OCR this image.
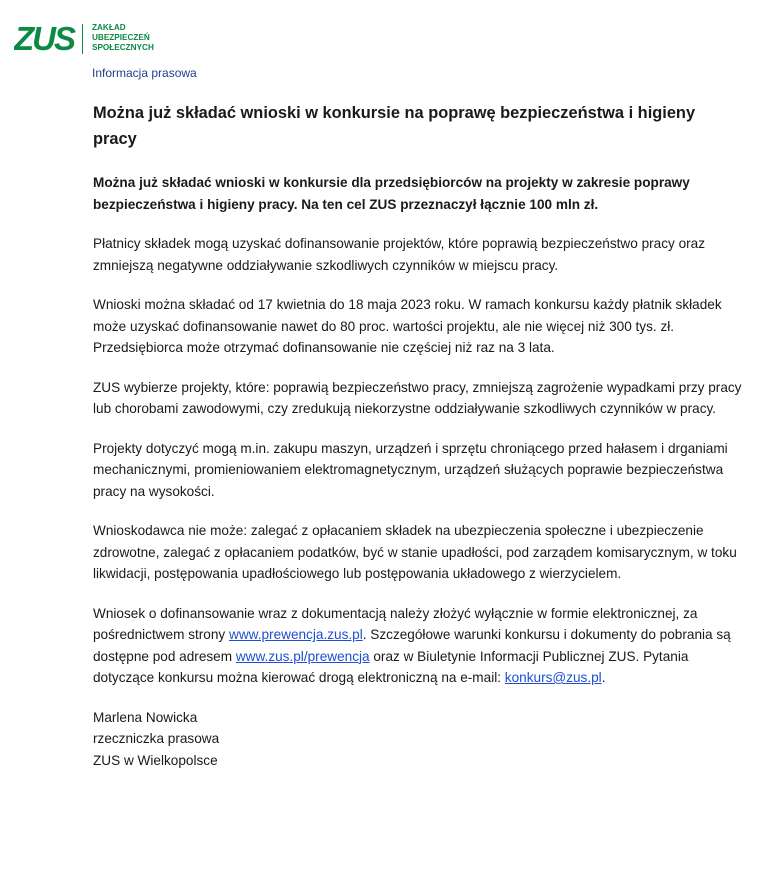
ZUS ZAKŁAD
UBEZPIECZEŃ
SPOŁECZNYCH
Informacja prasowa
Można już składać wnioski w konkursie na poprawę bezpieczeństwa i higieny pracy

Można już składać wnioski w konkursie dla przedsiębiorców na projekty w zakresie poprawy bezpieczeństwa i higieny pracy. Na ten cel ZUS przeznaczył łącznie 100 mln zł.

Płatnicy składek mogą uzyskać dofinansowanie projektów, które poprawią bezpieczeństwo pracy oraz zmniejszą negatywne oddziaływanie szkodliwych czynników w miejscu pracy.

Wnioski można składać od 17 kwietnia do 18 maja 2023 roku. W ramach konkursu każdy płatnik składek może uzyskać dofinansowanie nawet do 80 proc. wartości projektu, ale nie więcej niż 300 tys. zł. Przedsiębiorca może otrzymać dofinansowanie nie częściej niż raz na 3 lata.

ZUS wybierze projekty, które: poprawią bezpieczeństwo pracy, zmniejszą zagrożenie wypadkami przy pracy lub chorobami zawodowymi, czy zredukują niekorzystne oddziaływanie szkodliwych czynników w pracy.

Projekty dotyczyć mogą m.in. zakupu maszyn, urządzeń i sprzętu chroniącego przed hałasem i drganiami mechanicznymi, promieniowaniem elektromagnetycznym, urządzeń służących poprawie bezpieczeństwa pracy na wysokości.

Wnioskodawca nie może: zalegać z opłacaniem składek na ubezpieczenia społeczne i ubezpieczenie zdrowotne, zalegać z opłacaniem podatków, być w stanie upadłości, pod zarządem komisarycznym, w toku likwidacji, postępowania upadłościowego lub postępowania układowego z wierzycielem.

Wniosek o dofinansowanie wraz z dokumentacją należy złożyć wyłącznie w formie elektronicznej, za pośrednictwem strony www.prewencja.zus.pl. Szczegółowe warunki konkursu i dokumenty do pobrania są dostępne pod adresem www.zus.pl/prewencja oraz w Biuletynie Informacji Publicznej ZUS. Pytania dotyczące konkursu można kierować drogą elektroniczną na e-mail: konkurs@zus.pl.

Marlena Nowicka
rzeczniczka prasowa
ZUS w Wielkopolsce
